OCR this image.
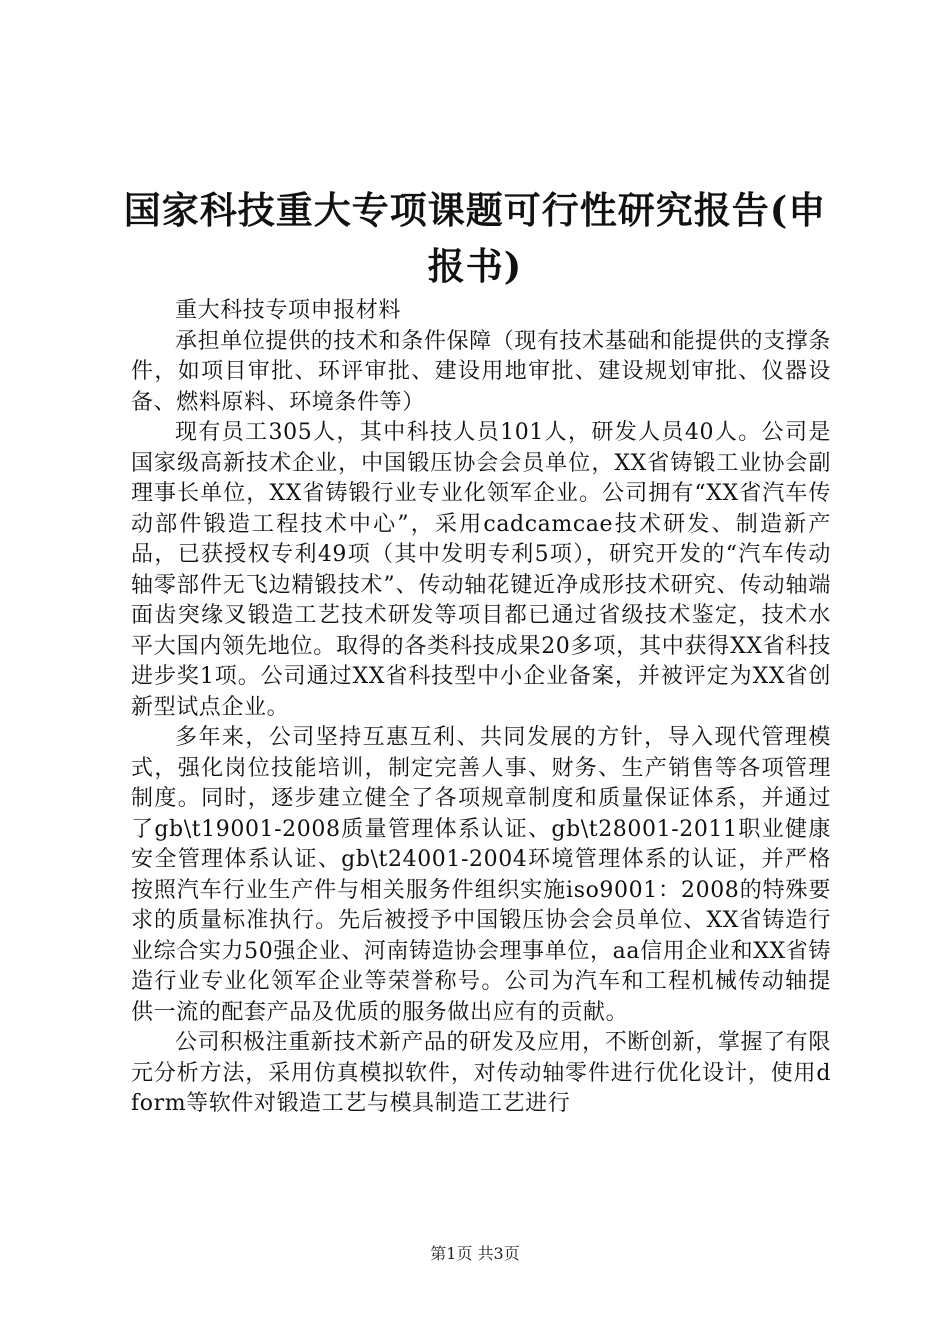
国家科技重大专项课题可行性研究报告(申报书)

重大科技专项申报材料

承担单位提供的技术和条件保障（现有技术基础和能提供的支撑条件，如项目审批、环评审批、建设用地审批、建设规划审批、仪器设备、燃料原料、环境条件等）

现有员工305人，其中科技人员101人，研发人员40人。公司是国家级高新技术企业，中国锻压协会会员单位，XX省铸锻工业协会副理事长单位，XX省铸锻行业专业化领军企业。公司拥有“XX省汽车传动部件锻造工程技术中心”，采用cadcamcae技术研发、制造新产品，已获授权专利49项（其中发明专利5项），研究开发的“汽车传动轴零部件无飞边精锻技术”、传动轴花键近净成形技术研究、传动轴端面齿突缘叉锻造工艺技术研发等项目都已通过省级技术鉴定，技术水平大国内领先地位。取得的各类科技成果20多项，其中获得XX省科技进步奖1项。公司通过XX省科技型中小企业备案，并被评定为XX省创新型试点企业。

多年来，公司坚持互惠互利、共同发展的方针，导入现代管理模式，强化岗位技能培训，制定完善人事、财务、生产销售等各项管理制度。同时，逐步建立健全了各项规章制度和质量保证体系，并通过了gb\t19001-2008质量管理体系认证、gb\t28001-2011职业健康安全管理体系认证、gb\t24001-2004环境管理体系的认证，并严格按照汽车行业生产件与相关服务件组织实施iso9001：2008的特殊要求的质量标准执行。先后被授予中国锻压协会会员单位、XX省铸造行业综合实力50强企业、河南铸造协会理事单位，aa信用企业和XX省铸造行业专业化领军企业等荣誉称号。公司为汽车和工程机械传动轴提供一流的配套产品及优质的服务做出应有的贡献。

公司积极注重新技术新产品的研发及应用，不断创新，掌握了有限元分析方法，采用仿真模拟软件，对传动轴零件进行优化设计，使用dform等软件对锻造工艺与模具制造工艺进行

第1页 共3页
